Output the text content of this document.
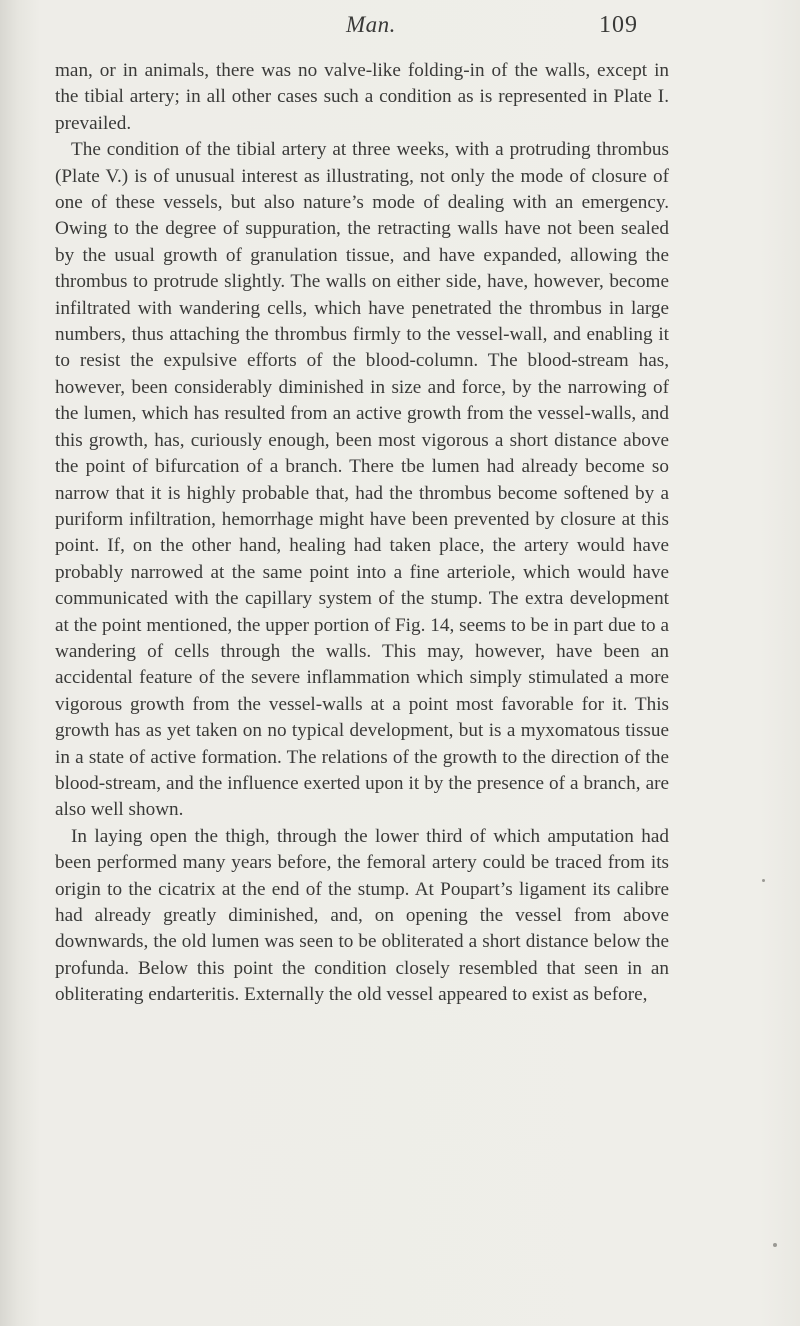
Man.	109

man, or in animals, there was no valve-like folding-in of the walls, except in the tibial artery; in all other cases such a condition as is represented in Plate I. prevailed.

The condition of the tibial artery at three weeks, with a protruding thrombus (Plate V.) is of unusual interest as illustrating, not only the mode of closure of one of these vessels, but also nature’s mode of dealing with an emergency. Owing to the degree of suppuration, the retracting walls have not been sealed by the usual growth of granulation tissue, and have expanded, allowing the thrombus to protrude slightly. The walls on either side, have, however, become infiltrated with wandering cells, which have penetrated the thrombus in large numbers, thus attaching the thrombus firmly to the vessel-wall, and enabling it to resist the expulsive efforts of the blood-column. The blood-stream has, however, been considerably diminished in size and force, by the narrowing of the lumen, which has resulted from an active growth from the vessel-walls, and this growth, has, curiously enough, been most vigorous a short distance above the point of bifurcation of a branch. There tbe lumen had already become so narrow that it is highly probable that, had the thrombus become softened by a puriform infiltration, hemorrhage might have been prevented by closure at this point. If, on the other hand, healing had taken place, the artery would have probably narrowed at the same point into a fine arteriole, which would have communicated with the capillary system of the stump. The extra development at the point mentioned, the upper portion of Fig. 14, seems to be in part due to a wandering of cells through the walls. This may, however, have been an accidental feature of the severe inflammation which simply stimulated a more vigorous growth from the vessel-walls at a point most favorable for it. This growth has as yet taken on no typical development, but is a myxomatous tissue in a state of active formation. The relations of the growth to the direction of the blood-stream, and the influence exerted upon it by the presence of a branch, are also well shown.

In laying open the thigh, through the lower third of which amputation had been performed many years before, the femoral artery could be traced from its origin to the cicatrix at the end of the stump. At Poupart’s ligament its calibre had already greatly diminished, and, on opening the vessel from above downwards, the old lumen was seen to be obliterated a short distance below the profunda. Below this point the condition closely resembled that seen in an obliterating endarteritis. Externally the old vessel appeared to exist as before,
